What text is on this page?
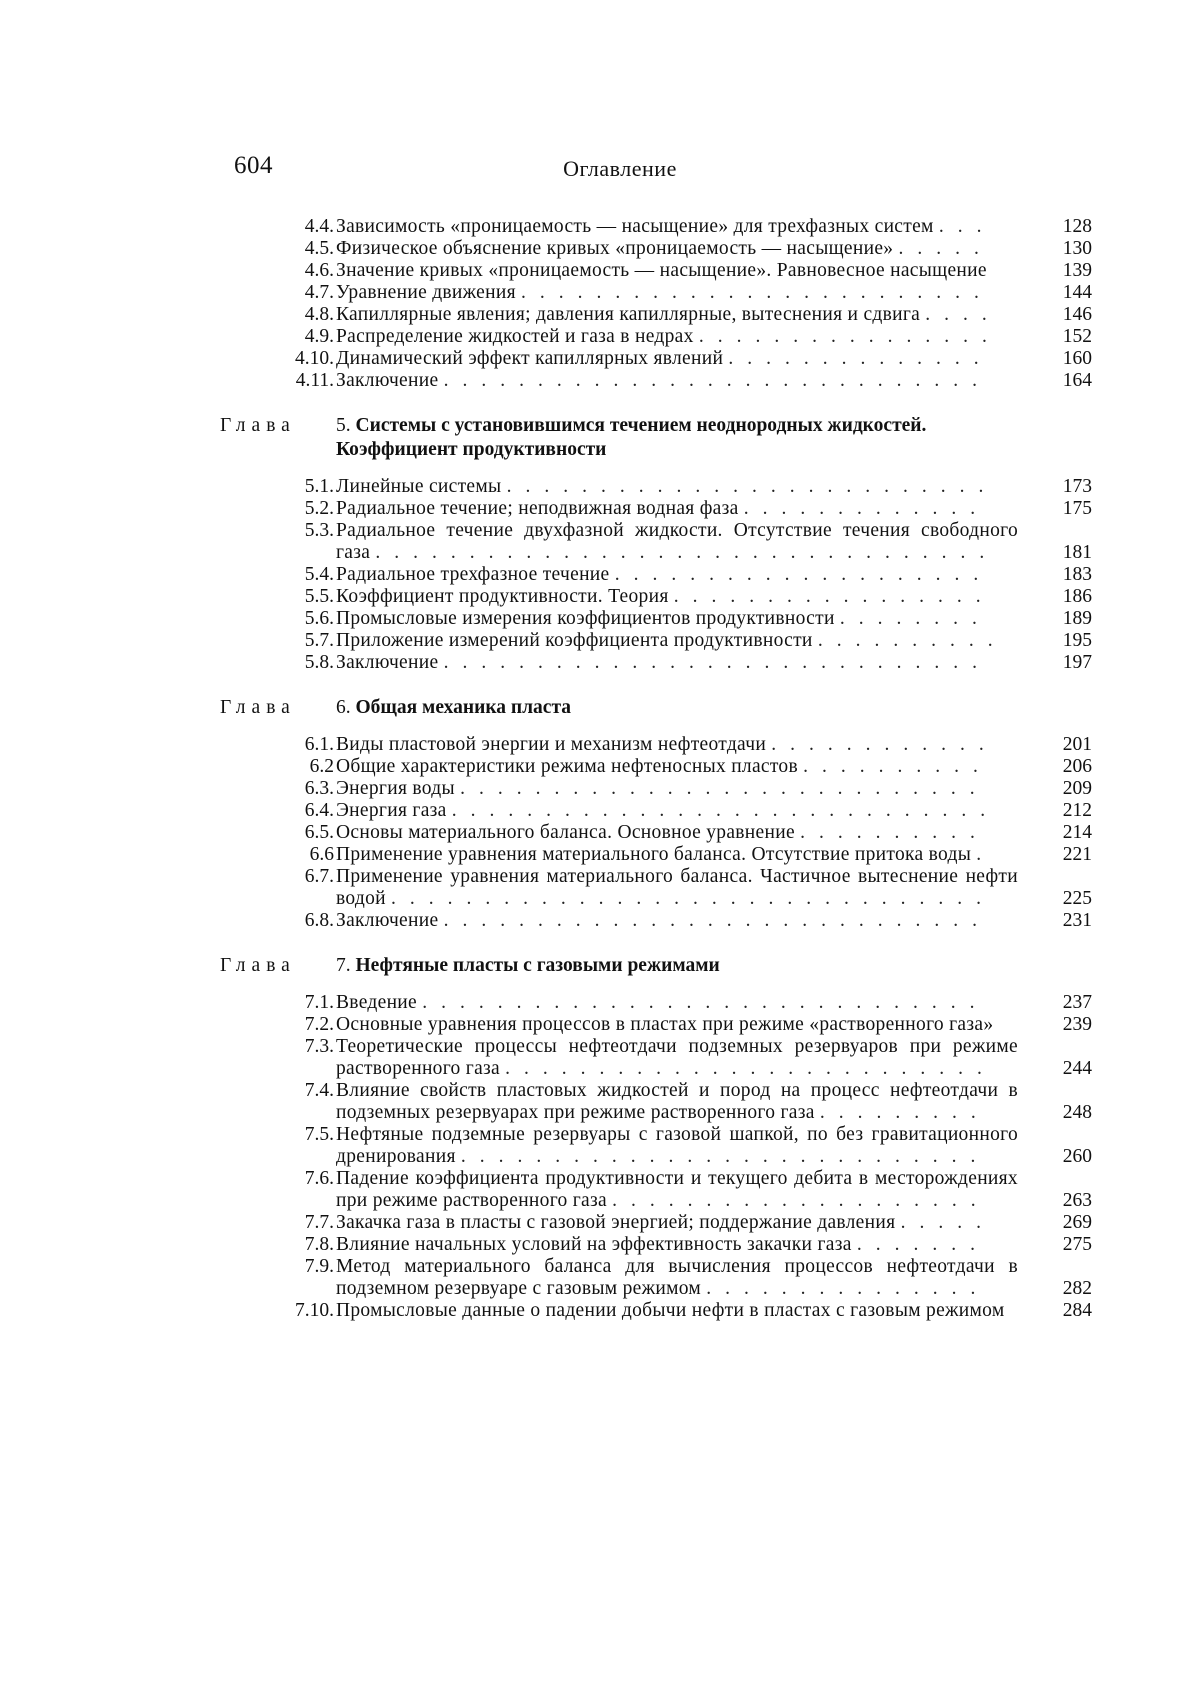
604	Оглавление
4.4. Зависимость «проницаемость — насыщение» для трехфазных систем ...	128
4.5. Физическое объяснение кривых «проницаемость — насыщение» .....	130
4.6. Значение кривых «проницаемость — насыщение». Равновесное насыщение	139
4.7. Уравнение движения .........................	144
4.8. Капиллярные явления; давления капиллярные, вытеснения и сдвига ....	146
4.9. Распределение жидкостей и газа в недрах ................	152
4.10. Динамический эффект капиллярных явлений ..............	160
4.11. Заключение .............................	164
Глава 5. Системы с установившимся течением неоднородных жидкостей. Коэффициент продуктивности
5.1. Линейные системы ..........................	173
5.2. Радиальное течение; неподвижная водная фаза .............	175
5.3. Радиальное течение двухфазной жидкости. Отсутствие течения свободного газа .................................	181
5.4. Радиальное трехфазное течение ....................	183
5.5. Коэффициент продуктивности. Теория .................	186
5.6. Промысловые измерения коэффициентов продуктивности ........	189
5.7. Приложение измерений коэффициента продуктивности ..........	195
5.8. Заключение .............................	197
Глава 6. Общая механика пласта
6.1. Виды пластовой энергии и механизм нефтеотдачи ............	201
6.2 Общие характеристики режима нефтеносных пластов ..........	206
6.3. Энергия воды ............................	209
6.4. Энергия газа .............................	212
6.5. Основы материального баланса. Основное уравнение ..........	214
6.6 Применение уравнения материального баланса. Отсутствие притока воды .	221
6.7. Применение уравнения материального баланса. Частичное вытеснение нефти водой ................................	225
6.8. Заключение .............................	231
Глава 7. Нефтяные пласты с газовыми режимами
7.1. Введение ..............................	237
7.2. Основные уравнения процессов в пластах при режиме «растворенного газа»	239
7.3. Теоретические процессы нефтеотдачи подземных резервуаров при режиме растворенного газа ..........................	244
7.4. Влияние свойств пластовых жидкостей и пород на процесс нефтеотдачи в подземных резервуарах при режиме растворенного газа .........	248
7.5. Нефтяные подземные резервуары с газовой шапкой, по без гравитационного дренирования ............................	260
7.6. Падение коэффициента продуктивности и текущего дебита в месторождениях при режиме растворенного газа ....................	263
7.7. Закачка газа в пласты с газовой энергией; поддержание давления .....	269
7.8. Влияние начальных условий на эффективность закачки газа .......	275
7.9. Метод материального баланса для вычисления процессов нефтеотдачи в подземном резервуаре с газовым режимом ...............	282
7.10. Промысловые данные о падении добычи нефти в пластах с газовым режимом	284
